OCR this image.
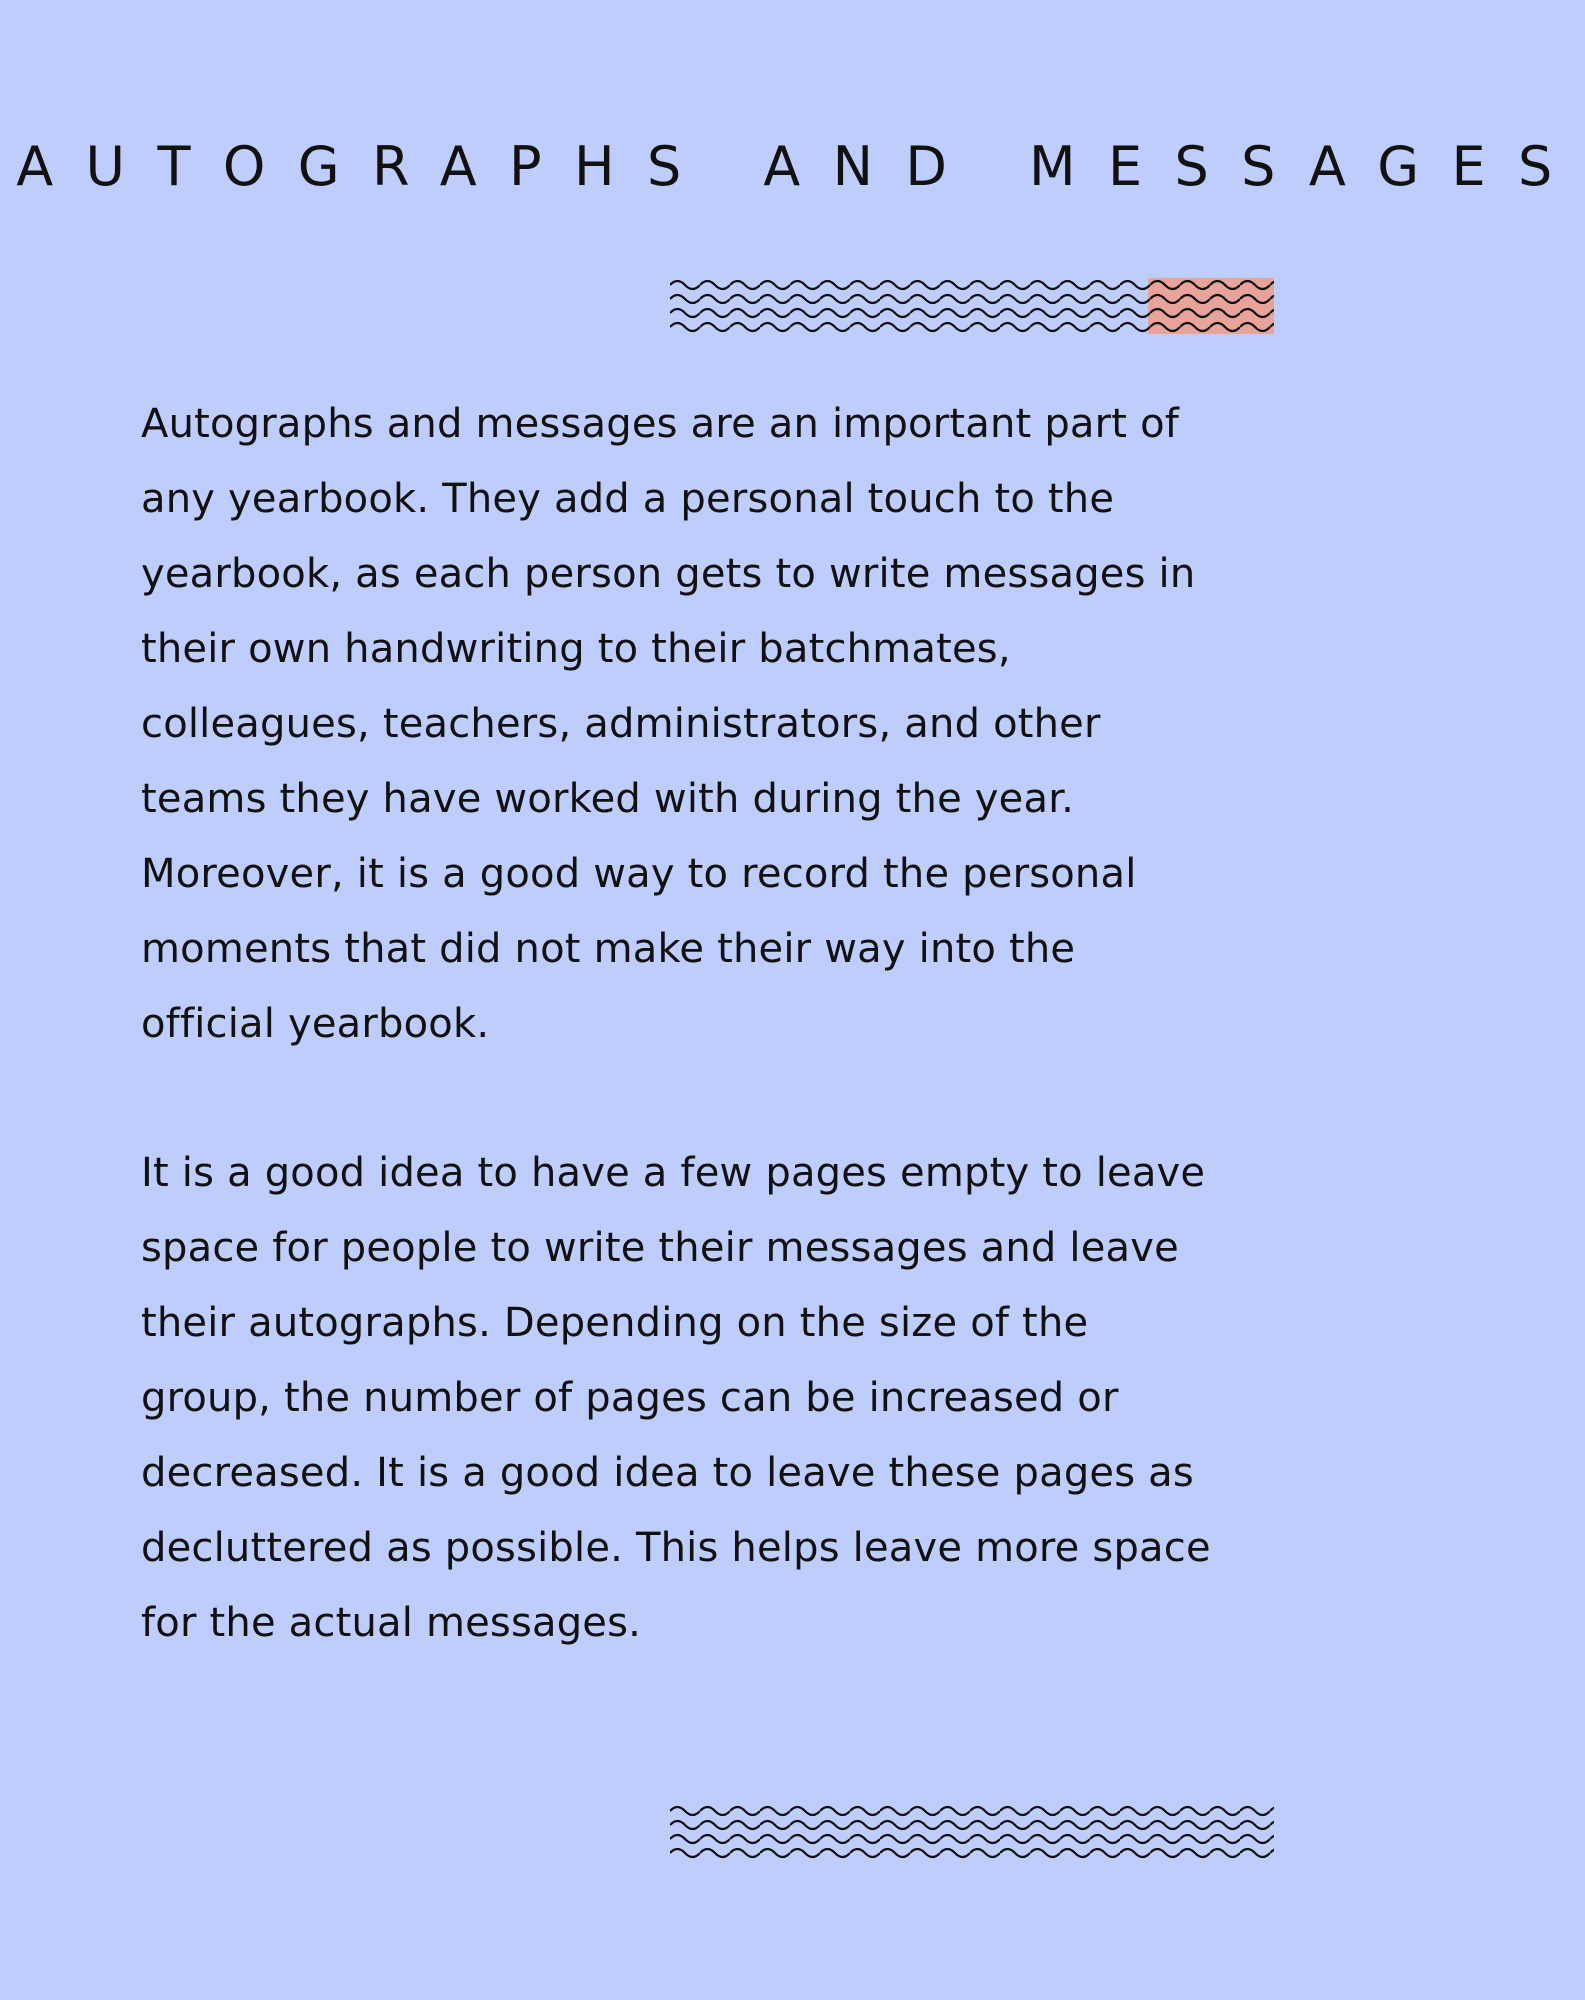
AUTOGRAPHS AND MESSAGES
Autographs and messages are an important part of
any yearbook. They add a personal touch to the
yearbook, as each person gets to write messages in
their own handwriting to their batchmates,
colleagues, teachers, administrators, and other
teams they have worked with during the year.
Moreover, it is a good way to record the personal
moments that did not make their way into the
official yearbook.
It is a good idea to have a few pages empty to leave
space for people to write their messages and leave
their autographs. Depending on the size of the
group, the number of pages can be increased or
decreased. It is a good idea to leave these pages as
decluttered as possible. This helps leave more space
for the actual messages.
